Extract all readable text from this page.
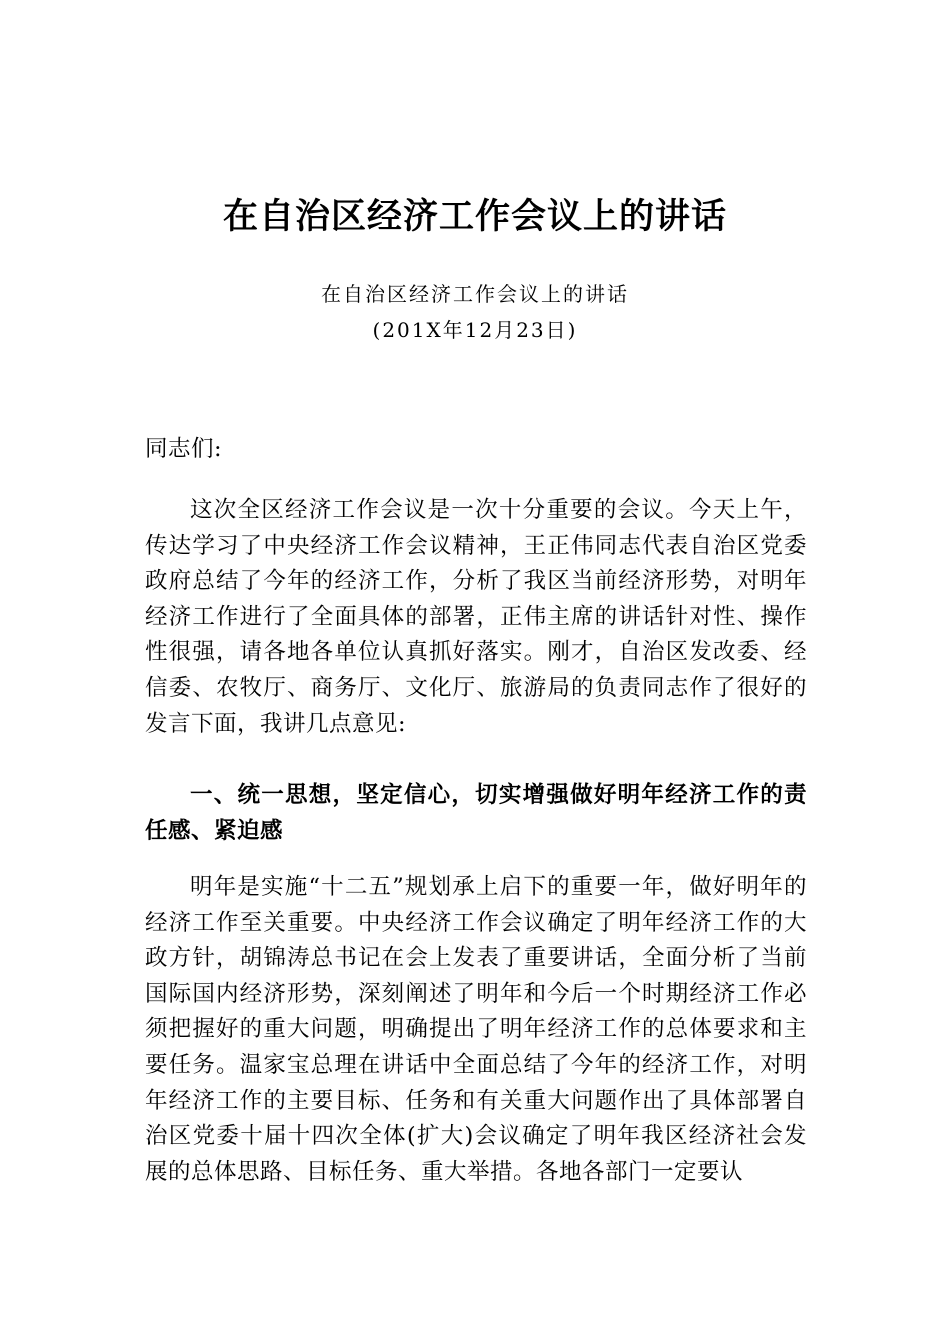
在自治区经济工作会议上的讲话
在自治区经济工作会议上的讲话
(201X年12月23日)
同志们:
这次全区经济工作会议是一次十分重要的会议。今天上午，传达学习了中央经济工作会议精神，王正伟同志代表自治区党委政府总结了今年的经济工作，分析了我区当前经济形势，对明年经济工作进行了全面具体的部署，正伟主席的讲话针对性、操作性很强，请各地各单位认真抓好落实。刚才，自治区发改委、经信委、农牧厅、商务厅、文化厅、旅游局的负责同志作了很好的发言下面，我讲几点意见:
一、统一思想，坚定信心，切实增强做好明年经济工作的责任感、紧迫感
明年是实施“十二五”规划承上启下的重要一年，做好明年的经济工作至关重要。中央经济工作会议确定了明年经济工作的大政方针，胡锦涛总书记在会上发表了重要讲话，全面分析了当前国际国内经济形势，深刻阐述了明年和今后一个时期经济工作必须把握好的重大问题，明确提出了明年经济工作的总体要求和主要任务。温家宝总理在讲话中全面总结了今年的经济工作，对明年经济工作的主要目标、任务和有关重大问题作出了具体部署自治区党委十届十四次全体(扩大)会议确定了明年我区经济社会发展的总体思路、目标任务、重大举措。各地各部门一定要认
